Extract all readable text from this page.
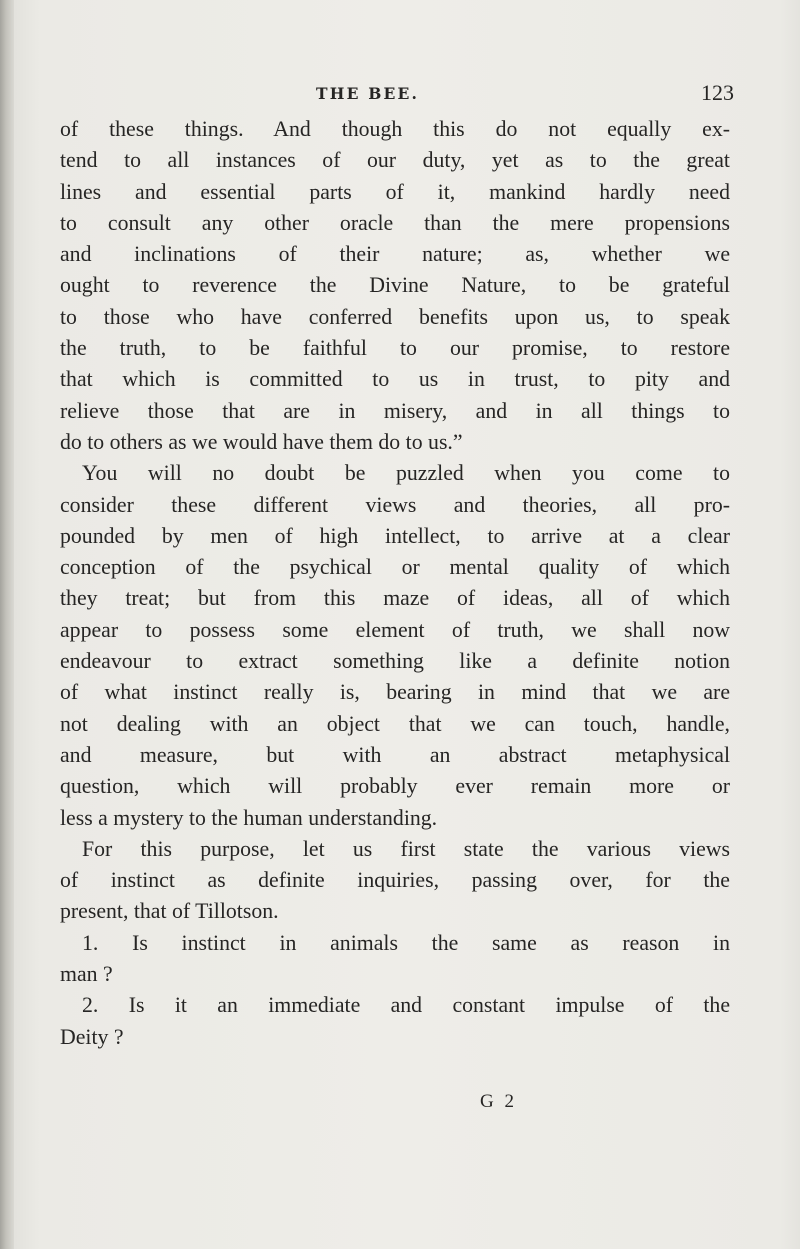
THE BEE.	123
of these things. And though this do not equally ex-
tend to all instances of our duty, yet as to the great
lines and essential parts of it, mankind hardly need
to consult any other oracle than the mere propensions
and inclinations of their nature; as, whether we
ought to reverence the Divine Nature, to be grateful
to those who have conferred benefits upon us, to speak
the truth, to be faithful to our promise, to restore
that which is committed to us in trust, to pity and
relieve those that are in misery, and in all things to
do to others as we would have them do to us.”
You will no doubt be puzzled when you come to
consider these different views and theories, all pro-
pounded by men of high intellect, to arrive at a clear
conception of the psychical or mental quality of which
they treat; but from this maze of ideas, all of which
appear to possess some element of truth, we shall now
endeavour to extract something like a definite notion
of what instinct really is, bearing in mind that we are
not dealing with an object that we can touch, handle,
and measure, but with an abstract metaphysical
question, which will probably ever remain more or
less a mystery to the human understanding.
For this purpose, let us first state the various views
of instinct as definite inquiries, passing over, for the
present, that of Tillotson.
1. Is instinct in animals the same as reason in
man ?
2. Is it an immediate and constant impulse of the
Deity ?
G 2
